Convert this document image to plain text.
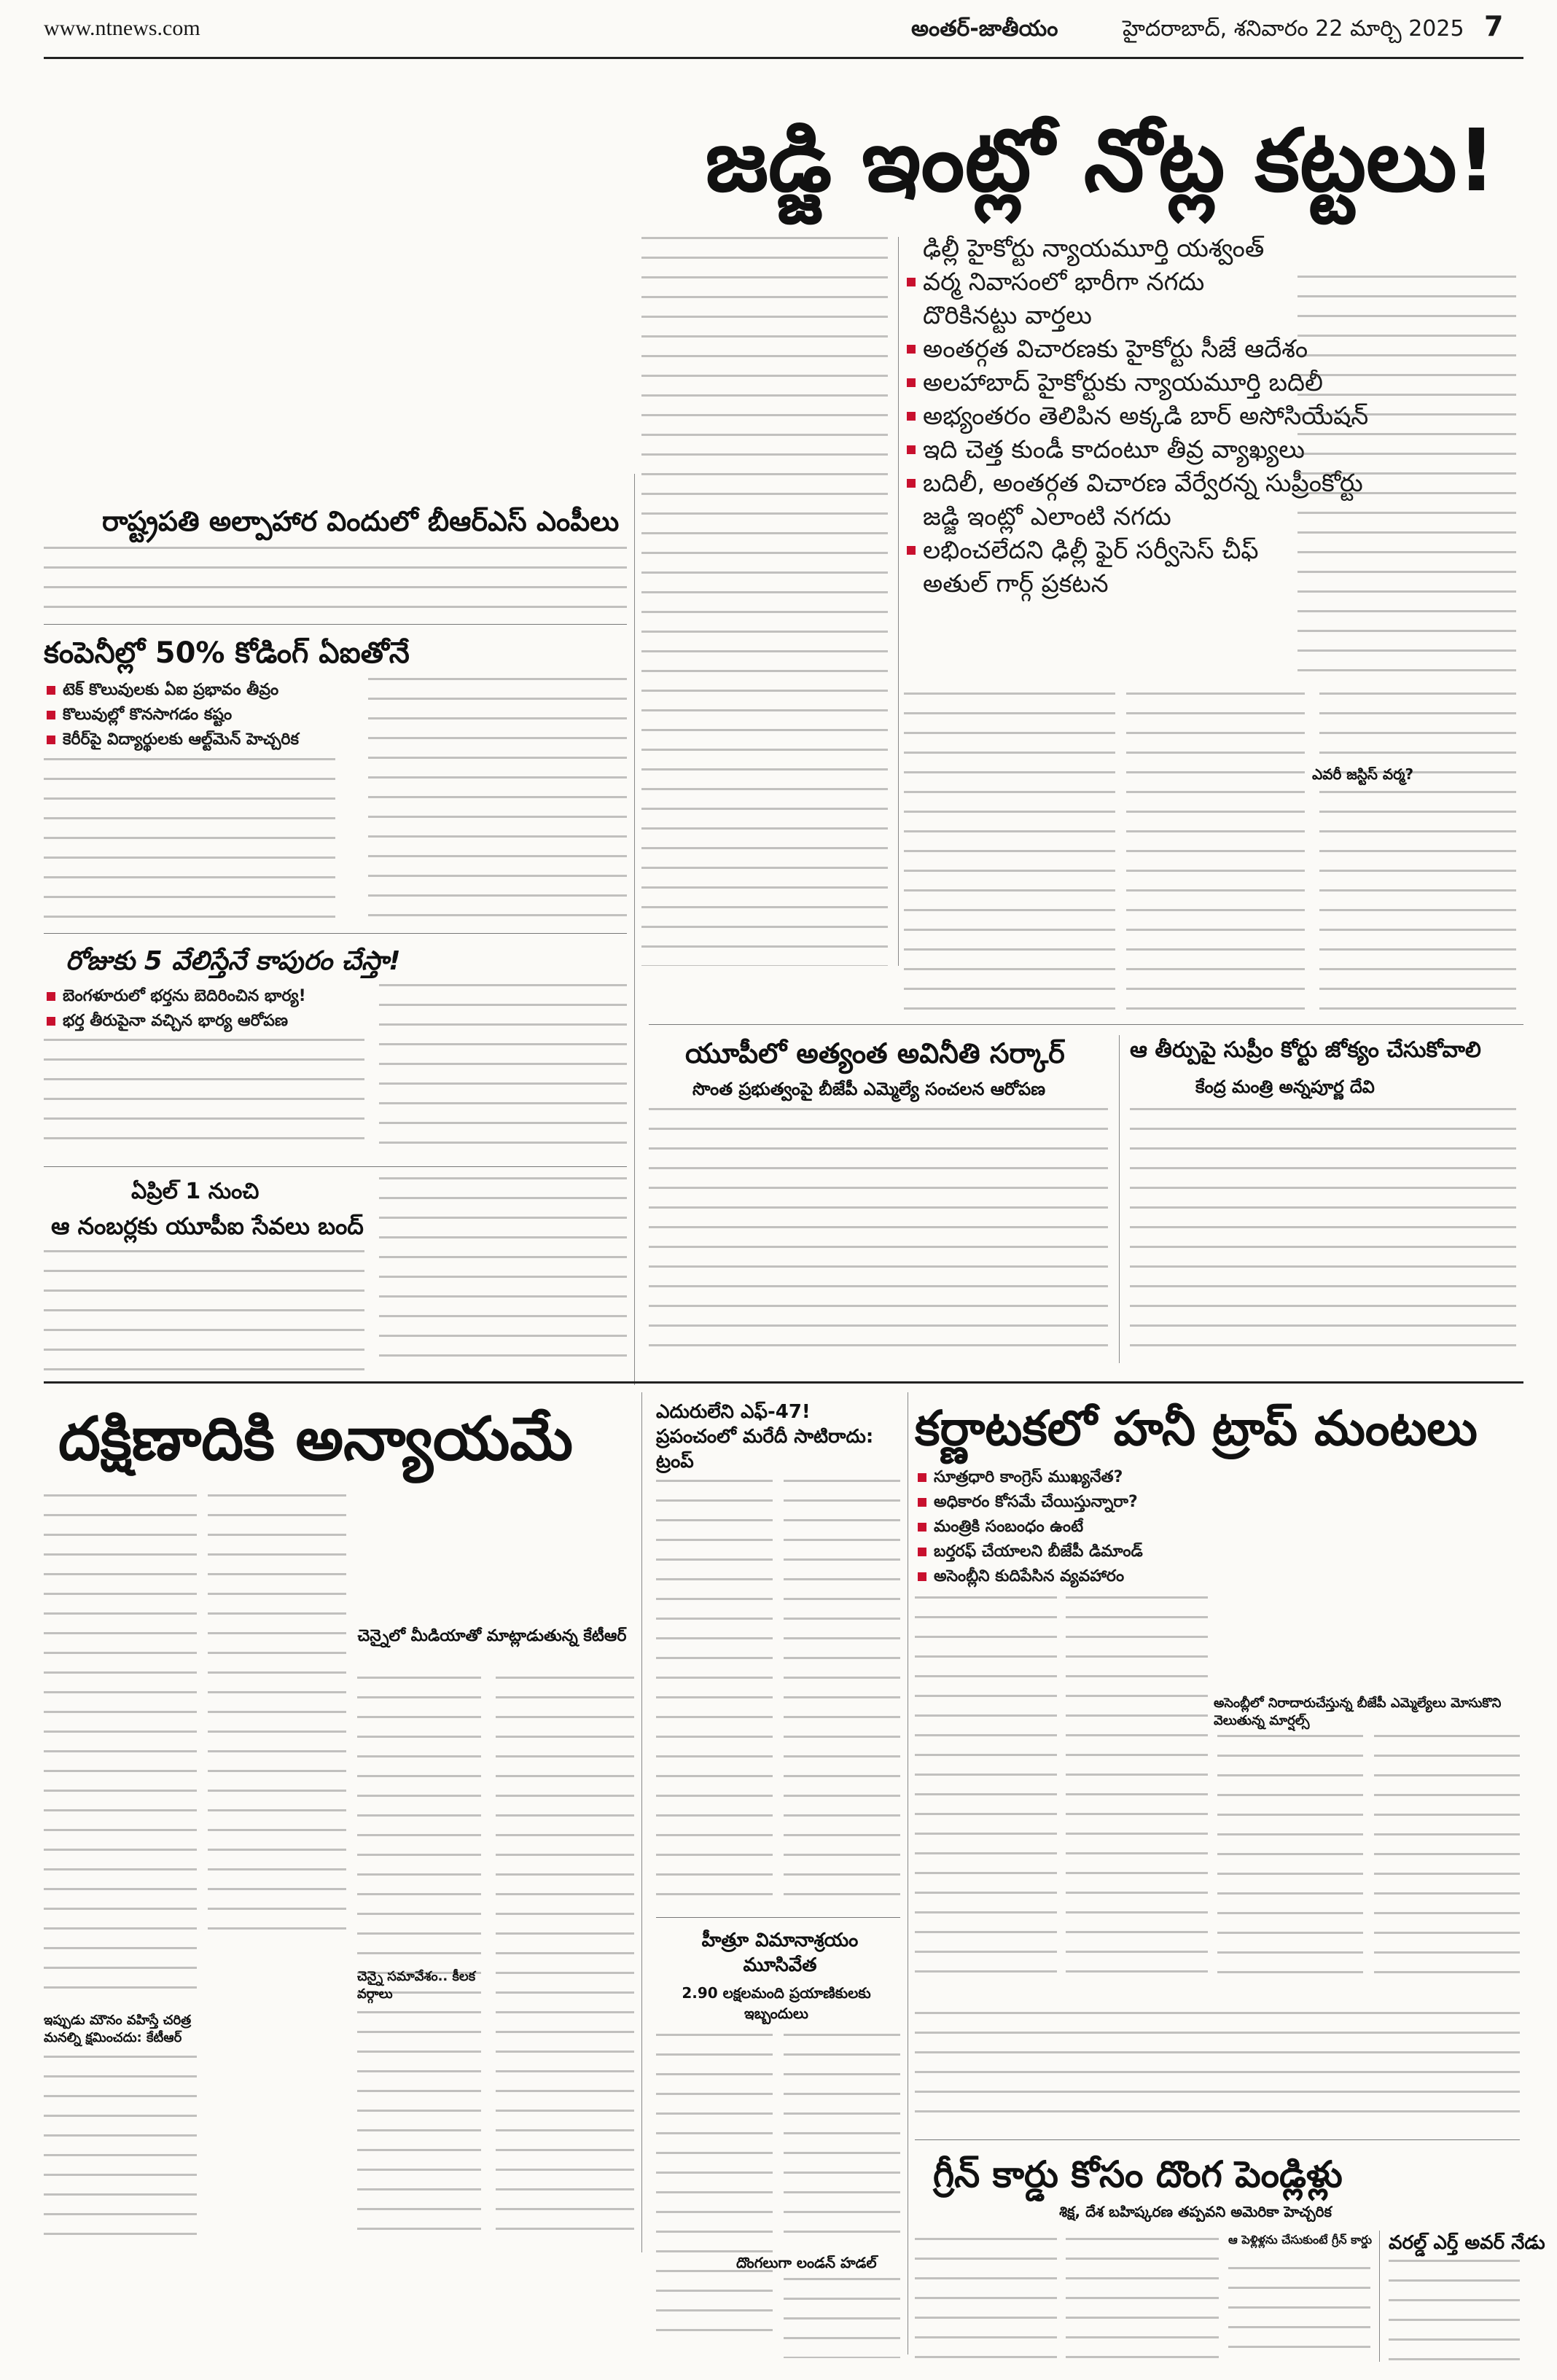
www.ntnews.com	అంతర్‌-జాతీయం	హైదరాబాద్‌, శనివారం 22 మార్చి 2025 7
జడ్జి ఇంట్లో నోట్ల కట్టలు!
ఢిల్లీ హైకోర్టు న్యాయమూర్తి యశ్వంత్‌ వర్మ నివాసంలో భారీగా నగదు దొరికినట్టు వార్తలు
అంతర్గత విచారణకు హైకోర్టు సీజే ఆదేశం
అలహాబాద్‌ హైకోర్టుకు న్యాయమూర్తి బదిలీ
అభ్యంతరం తెలిపిన అక్కడి బార్‌ అసోసియేషన్‌
ఇది చెత్త కుండీ కాదంటూ తీవ్ర వ్యాఖ్యలు
బదిలీ, అంతర్గత విచారణ వేర్వేరన్న సుప్రీంకోర్టు
జడ్జి ఇంట్లో ఎలాంటి నగదు లభించలేదని ఢిల్లీ ఫైర్‌ సర్వీసెస్‌ చీఫ్‌ అతుల్‌ గార్గ్‌ ప్రకటన
ఎవరీ జస్టిస్‌ వర్మ?
రాష్ట్రపతి అల్పాహార విందులో బీఆర్‌ఎస్‌ ఎంపీలు
కంపెనీల్లో 50% కోడింగ్‌ ఏఐతోనే
టెక్‌ కొలువులకు ఏఐ ప్రభావం తీవ్రం
కొలువుల్లో కొనసాగడం కష్టం
కెరీర్‌పై విద్యార్థులకు ఆల్ట్‌మెన్‌ హెచ్చరిక
రోజుకు 5 వేలిస్తేనే కాపురం చేస్తా!
బెంగళూరులో భర్తను బెదిరించిన భార్య!
భర్త తీరుపైనా వచ్చిన భార్య ఆరోపణ
ఏప్రిల్‌ 1 నుంచి
ఆ నంబర్లకు యూపీఐ సేవలు బంద్‌
యూపీలో అత్యంత అవినీతి సర్కార్‌
సొంత ప్రభుత్వంపై బీజేపీ ఎమ్మెల్యే సంచలన ఆరోపణ
ఆ తీర్పుపై సుప్రీం కోర్టు జోక్యం చేసుకోవాలి
కేంద్ర మంత్రి అన్నపూర్ణ దేవి
దక్షిణాదికి అన్యాయమే
ఇప్పుడు మౌనం వహిస్తే చరిత్ర మనల్ని క్షమించదు: కేటీఆర్‌
చెన్నైలో మీడియాతో మాట్లాడుతున్న కేటీఆర్‌
చెన్నై సమావేశం.. కీలక వర్గాలు
ఎదురులేని ఎఫ్‌-47! ప్రపంచంలో మరేదీ సాటిరాదు: ట్రంప్‌
హీత్రూ విమానాశ్రయం మూసివేత
2.90 లక్షలమంది ప్రయాణికులకు ఇబ్బందులు
దొంగలుగా లండన్‌ హడల్‌
కర్ణాటకలో హనీ ట్రాప్‌ మంటలు
సూత్రధారి కాంగ్రెస్‌ ముఖ్యనేత?
అధికారం కోసమే చేయిస్తున్నారా?
మంత్రికి సంబంధం ఉంటే
బర్తరఫ్‌ చేయాలని బీజేపీ డిమాండ్‌
అసెంబ్లీని కుదిపేసిన వ్యవహారం
అసెంబ్లీలో నిరాదారుచేస్తున్న బీజేపీ ఎమ్మెల్యేలు మోసుకొని వెలుతున్న మార్షల్స్‌
గ్రీన్‌ కార్డు కోసం దొంగ పెండ్లిళ్లు
శిక్ష, దేశ బహిష్కరణ తప్పవని అమెరికా హెచ్చరిక
ఆ పెళ్లిళ్లను చేసుకుంటే గ్రీన్‌ కార్డు వరల్డ్‌ ఎర్త్‌ అవర్‌ నేడు
